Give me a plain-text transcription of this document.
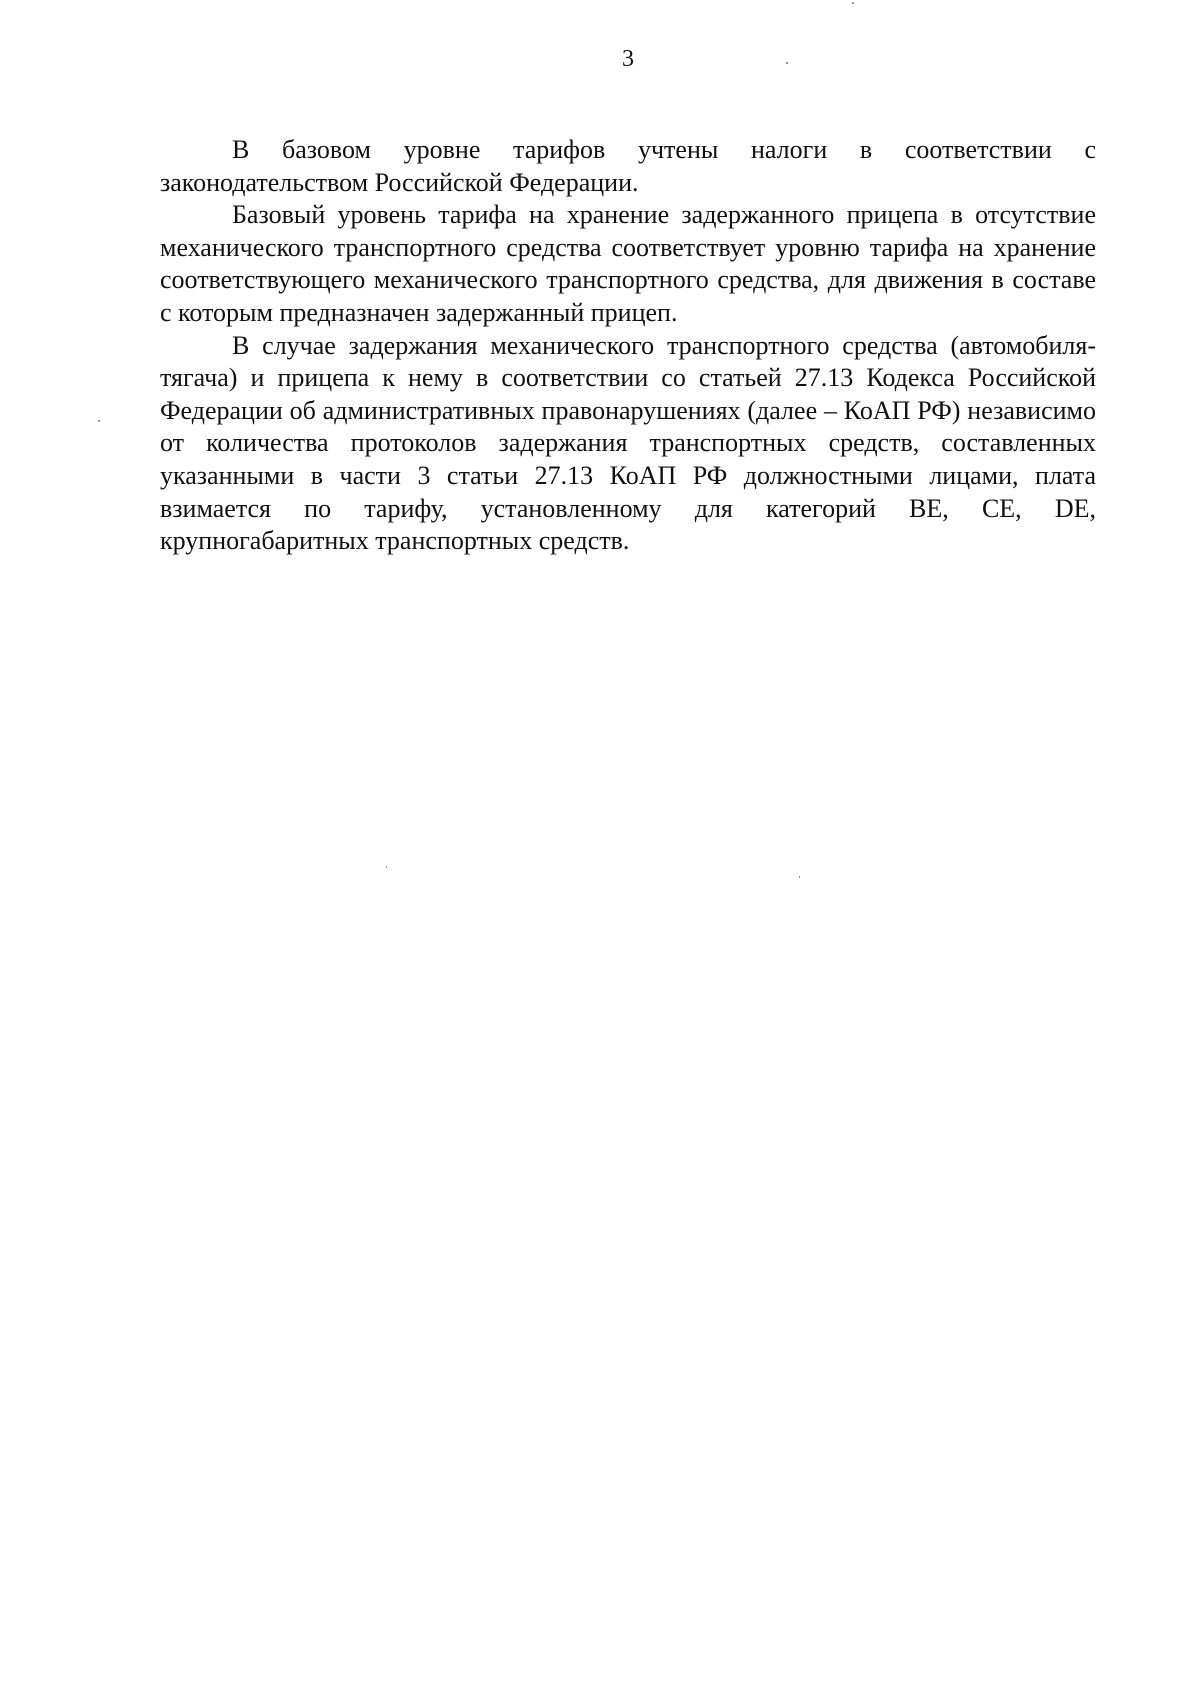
3

В базовом уровне тарифов учтены налоги в соответствии с законодательством Российской Федерации.

Базовый уровень тарифа на хранение задержанного прицепа в отсутствие механического транспортного средства соответствует уровню тарифа на хранение соответствующего механического транспортного средства, для движения в составе с которым предназначен задержанный прицеп.

В случае задержания механического транспортного средства (автомобиля-тягача) и прицепа к нему в соответствии со статьей 27.13 Кодекса Российской Федерации об административных правонарушениях (далее – КоАП РФ) независимо от количества протоколов задержания транспортных средств, составленных указанными в части 3 статьи 27.13 КоАП РФ должностными лицами, плата взимается по тарифу, установленному для категорий BE, CE, DE, крупногабаритных транспортных средств.
